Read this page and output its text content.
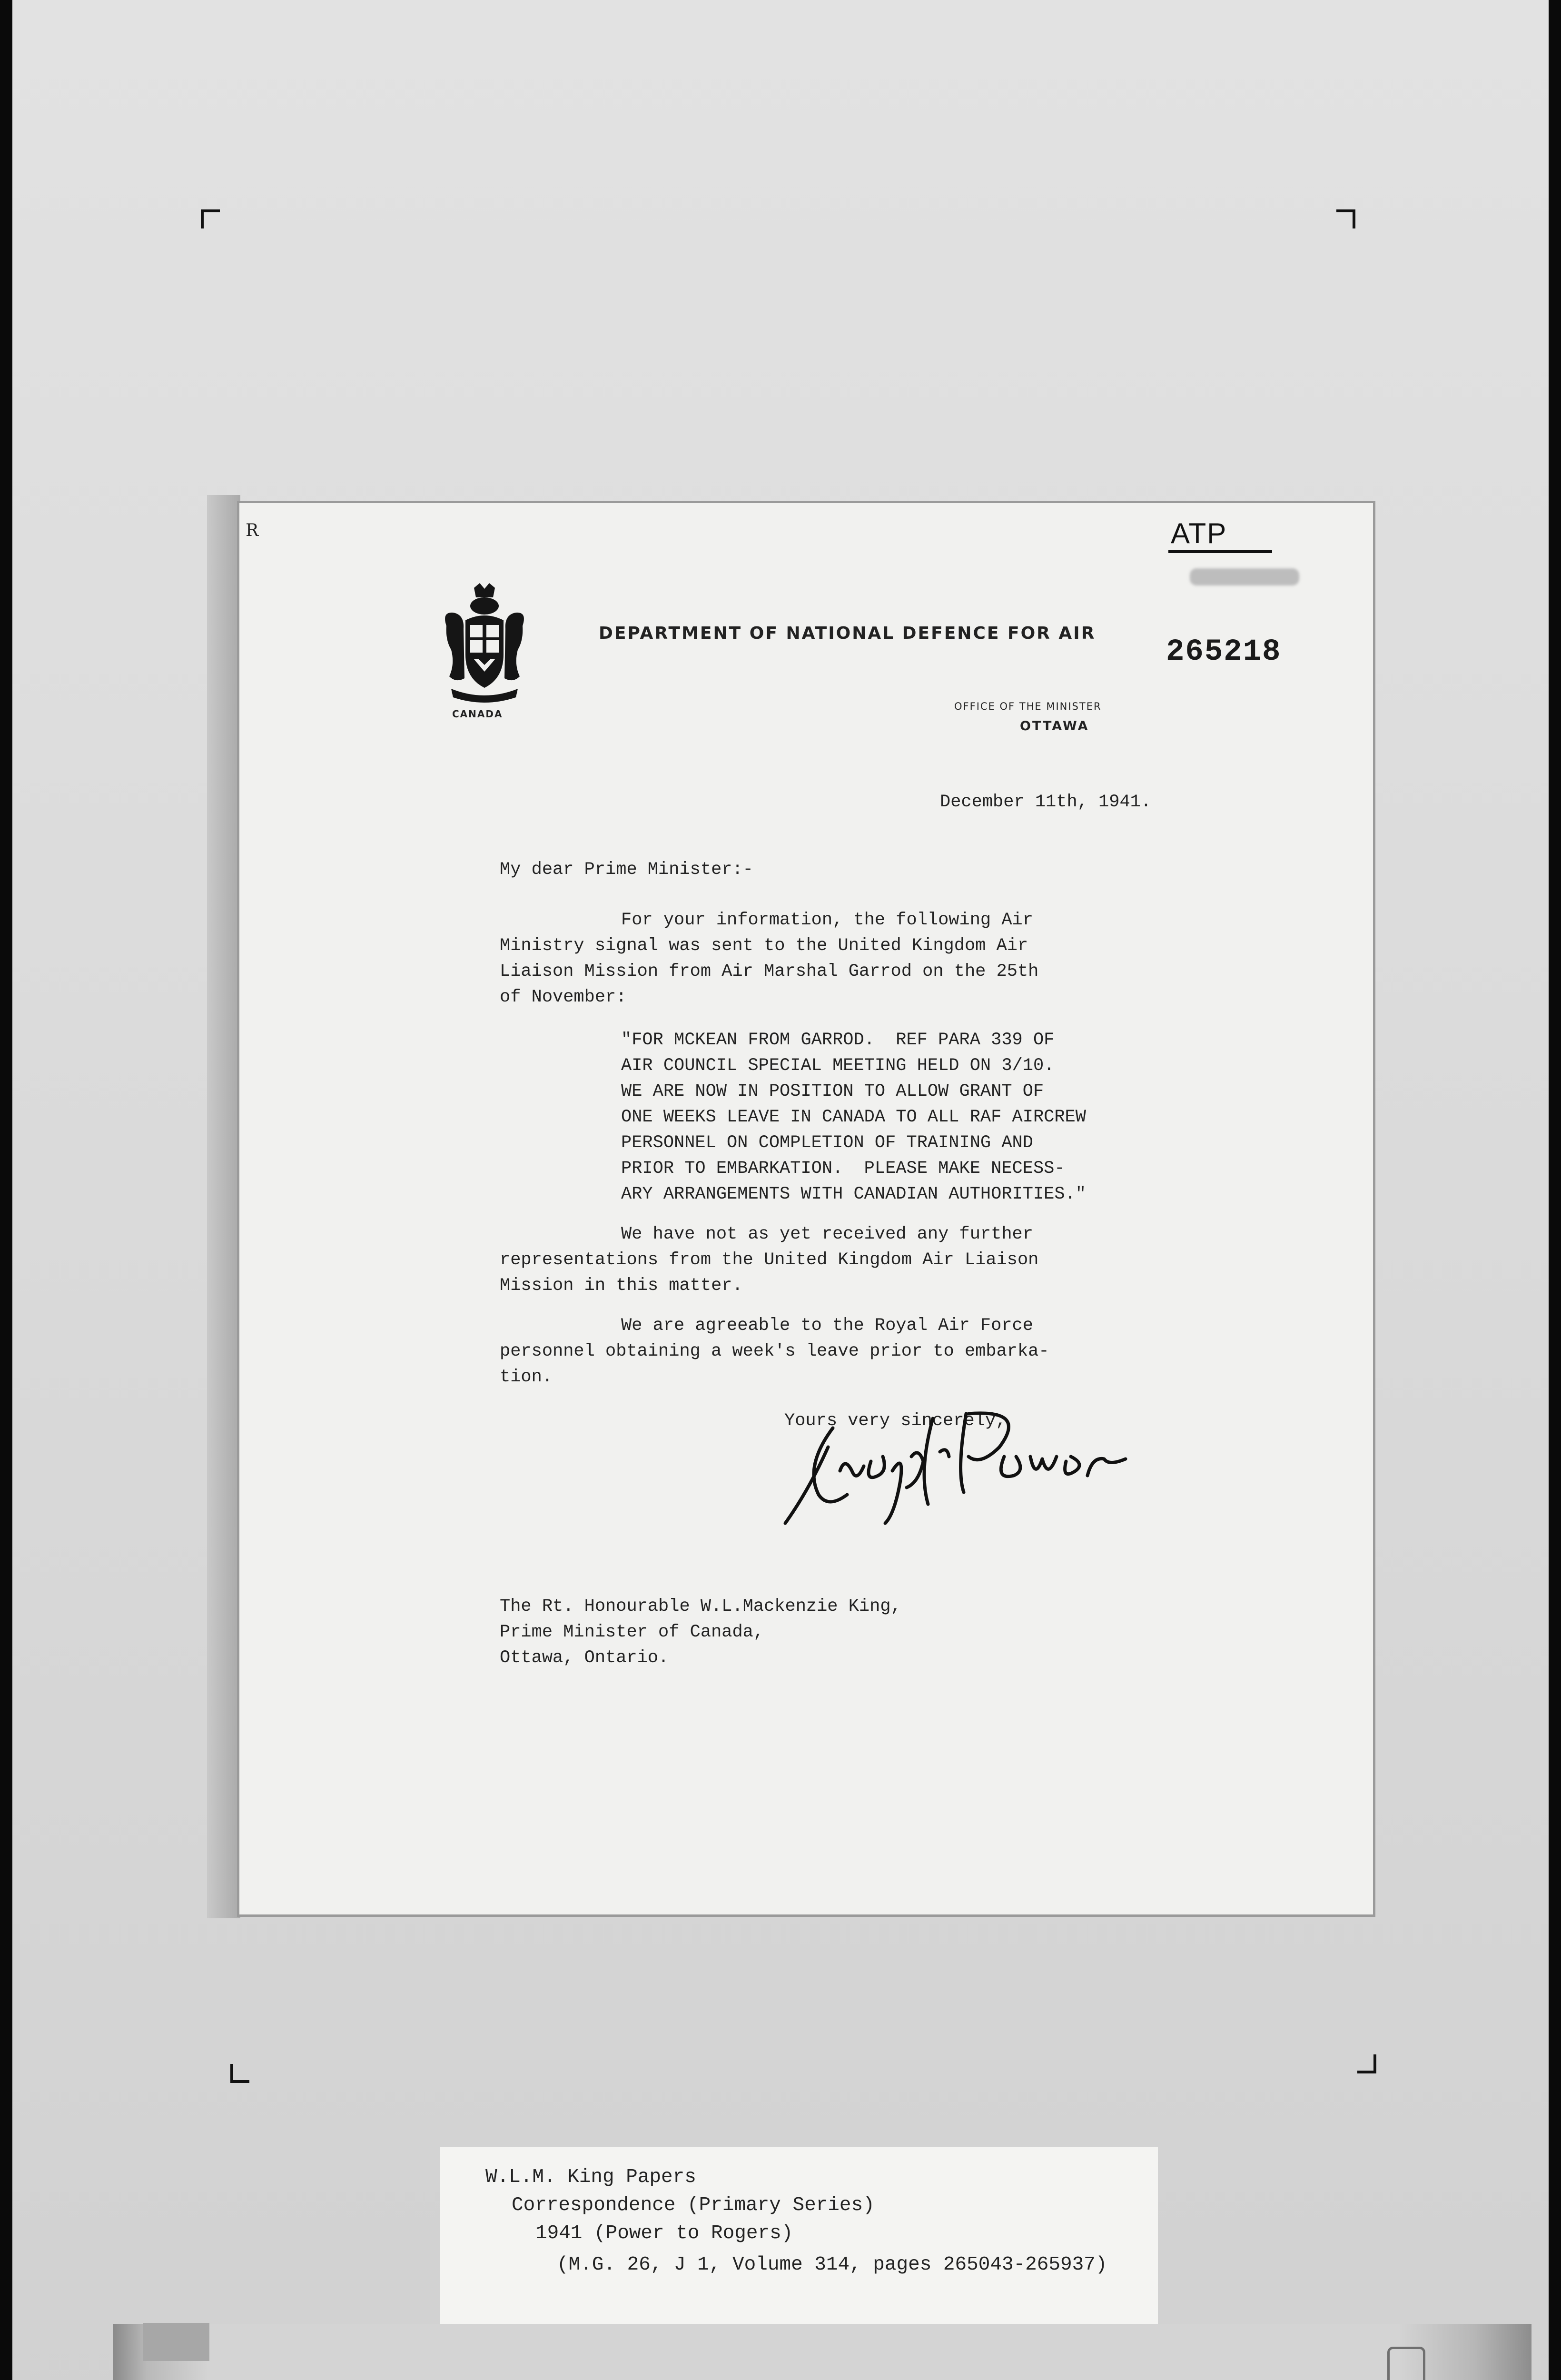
R	ATP
CANADA
DEPARTMENT OF NATIONAL DEFENCE FOR AIR
265218
OFFICE OF THE MINISTER
OTTAWA
December 11th, 1941.
My dear Prime Minister:-
For your information, the following Air
Ministry signal was sent to the United Kingdom Air
Liaison Mission from Air Marshal Garrod on the 25th
of November:
"FOR MCKEAN FROM GARROD.  REF PARA 339 OF
AIR COUNCIL SPECIAL MEETING HELD ON 3/10.
WE ARE NOW IN POSITION TO ALLOW GRANT OF
ONE WEEKS LEAVE IN CANADA TO ALL RAF AIRCREW
PERSONNEL ON COMPLETION OF TRAINING AND
PRIOR TO EMBARKATION.  PLEASE MAKE NECESS-
ARY ARRANGEMENTS WITH CANADIAN AUTHORITIES."
We have not as yet received any further
representations from the United Kingdom Air Liaison
Mission in this matter.
We are agreeable to the Royal Air Force
personnel obtaining a week's leave prior to embarka-
tion.
Yours very sincerely,
The Rt. Honourable W.L.Mackenzie King,
Prime Minister of Canada,
Ottawa, Ontario.
W.L.M. King Papers
Correspondence (Primary Series)
1941 (Power to Rogers)
(M.G. 26, J 1, Volume 314, pages 265043-265937)
